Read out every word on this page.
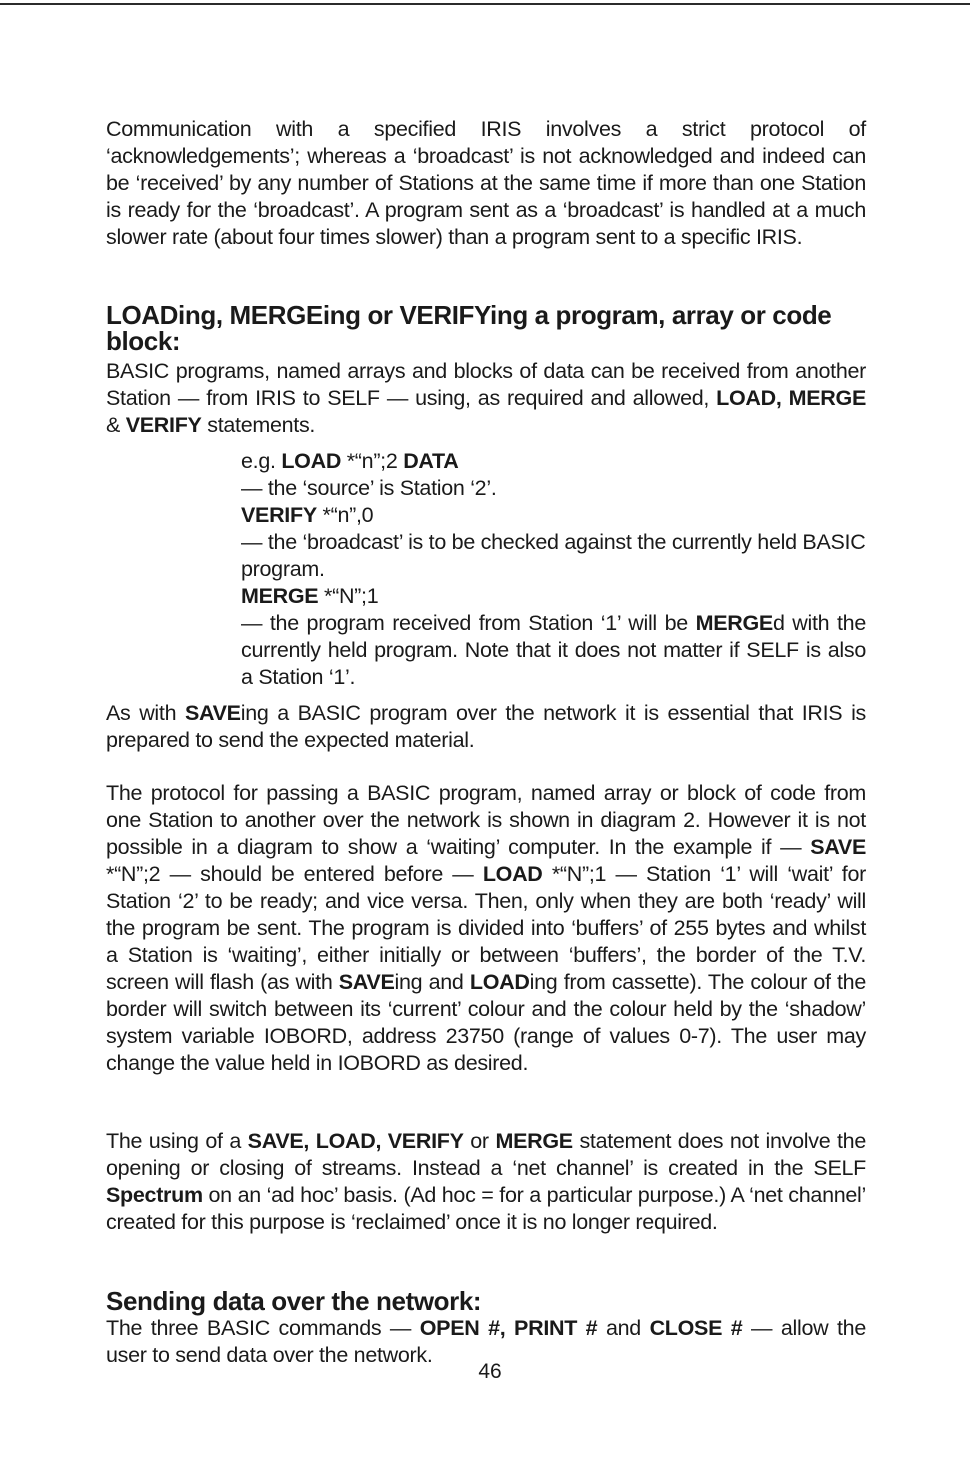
Communication with a specified IRIS involves a strict protocol of ‘acknowledgements’; whereas a ‘broadcast’ is not acknowledged and indeed can be ‘received’ by any number of Stations at the same time if more than one Station is ready for the ‘broadcast’. A program sent as a ‘broadcast’ is handled at a much slower rate (about four times slower) than a program sent to a specific IRIS.

LOADing, MERGEing or VERIFYing a program, array or code block:

BASIC programs, named arrays and blocks of data can be received from another Station — from IRIS to SELF — using, as required and allowed, LOAD, MERGE & VERIFY statements.

e.g. LOAD *“n”;2 DATA

— the ‘source’ is Station ‘2’.

VERIFY *“n”,0

— the ‘broadcast’ is to be checked against the currently held BASIC program.

MERGE *“N”;1

— the program received from Station ‘1’ will be MERGEd with the currently held program. Note that it does not matter if SELF is also a Station ‘1’.

As with SAVEing a BASIC program over the network it is essential that IRIS is prepared to send the expected material.

The protocol for passing a BASIC program, named array or block of code from one Station to another over the network is shown in diagram 2. However it is not possible in a diagram to show a ‘waiting’ computer. In the example if — SAVE *“N”;2 — should be entered before — LOAD *“N”;1 — Station ‘1’ will ‘wait’ for Station ‘2’ to be ready; and vice versa. Then, only when they are both ‘ready’ will the program be sent. The program is divided into ‘buffers’ of 255 bytes and whilst a Station is ‘waiting’, either initially or between ‘buffers’, the border of the T.V. screen will flash (as with SAVEing and LOADing from cassette). The colour of the border will switch between its ‘current’ colour and the colour held by the ‘shadow’ system variable IOBORD, address 23750 (range of values 0-7). The user may change the value held in IOBORD as desired.

The using of a SAVE, LOAD, VERIFY or MERGE statement does not involve the opening or closing of streams. Instead a ‘net channel’ is created in the SELF Spectrum on an ‘ad hoc’ basis. (Ad hoc = for a particular purpose.) A ‘net channel’ created for this purpose is ‘reclaimed’ once it is no longer required.

Sending data over the network:

The three BASIC commands — OPEN #, PRINT # and CLOSE # — allow the user to send data over the network.

46
